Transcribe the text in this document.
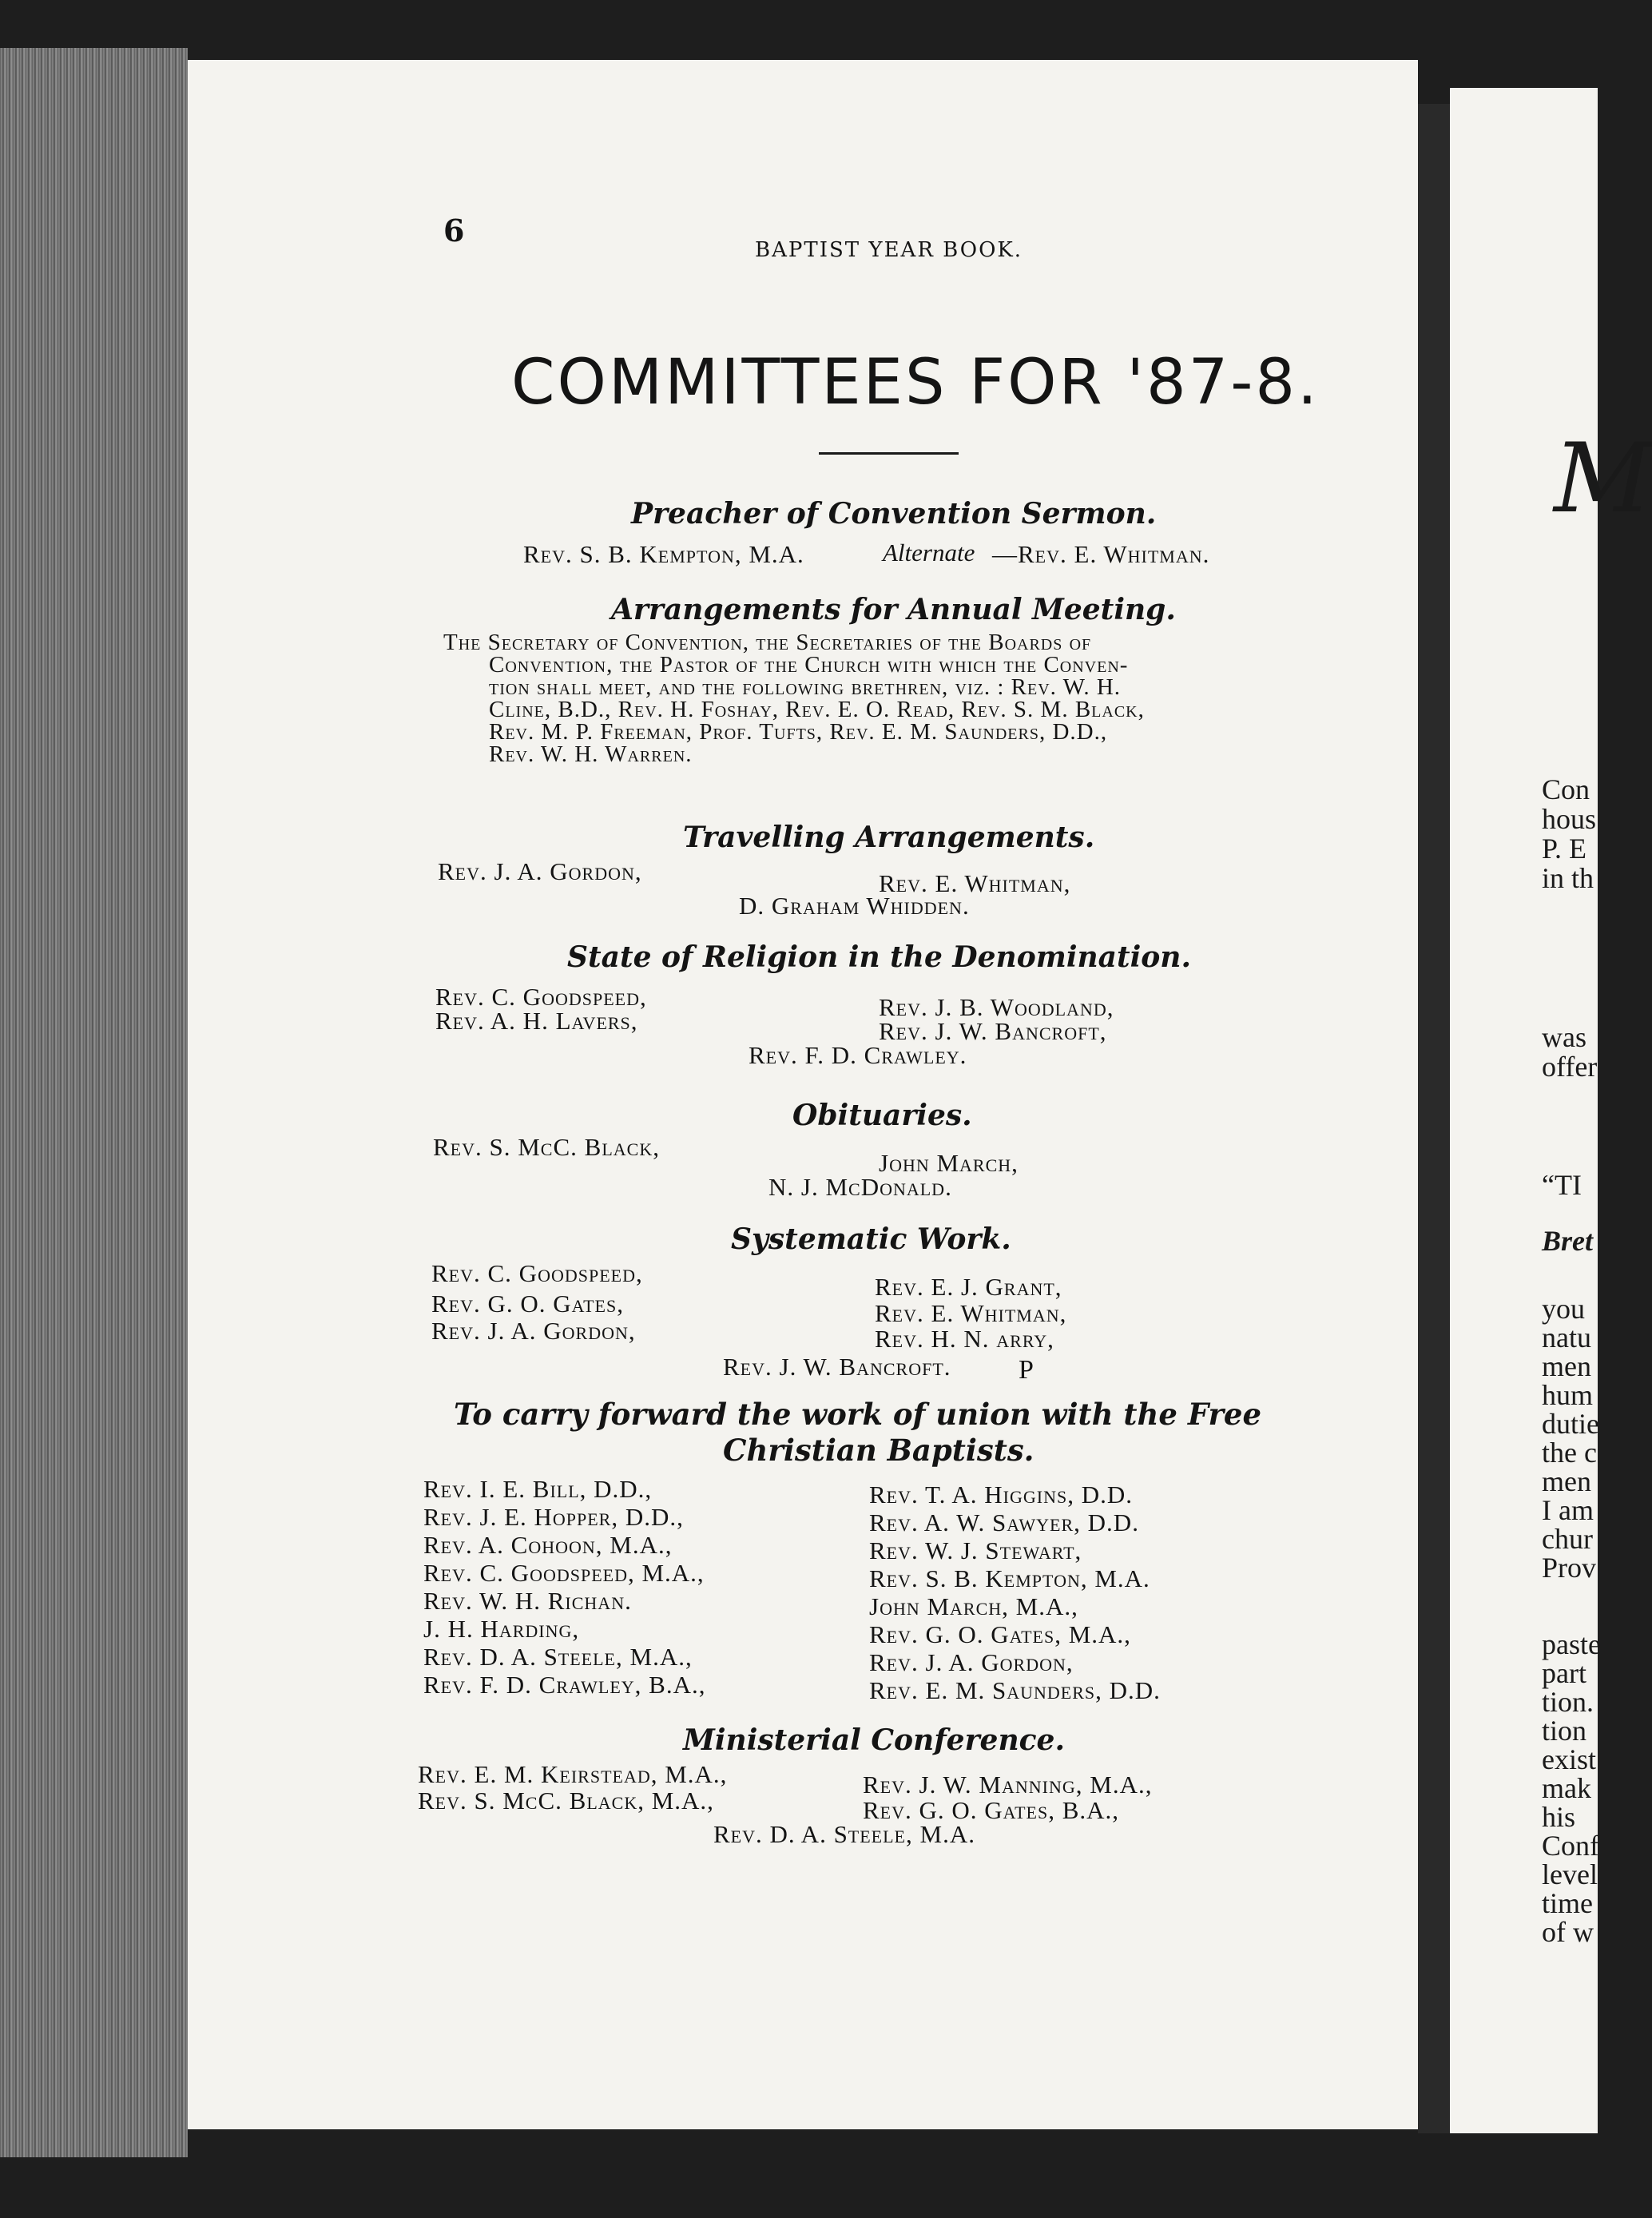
M
Con
hous
P. E
in th
was
offer
“TI
Bret
you
natu
men
hum
dutie
the c
men
I am
chur
Prov
paste
part
tion.
tion
exist
mak
his
Conf
level
time
of w
6
BAPTIST YEAR BOOK.
COMMITTEES FOR '87-8.
Preacher of Convention Sermon.
Rev. S. B. Kempton, M.A.	Alternate —Rev. E. Whitman.
Arrangements for Annual Meeting.
The Secretary of Convention, the Secretaries of the Boards of
Convention, the Pastor of the Church with which the Conven-
tion shall meet, and the following brethren, viz. : Rev. W. H.
Cline, B.D., Rev. H. Foshay, Rev. E. O. Read, Rev. S. M. Black,
Rev. M. P. Freeman, Prof. Tufts, Rev. E. M. Saunders, D.D.,
Rev. W. H. Warren.
Travelling Arrangements.
Rev. J. A. Gordon,	Rev. E. Whitman,
D. Graham Whidden.
State of Religion in the Denomination.
Rev. C. Goodspeed,
Rev. A. H. Lavers,	Rev. J. B. Woodland,
Rev. J. W. Bancroft,
Rev. F. D. Crawley.
Obituaries.
Rev. S. McC. Black,
John March,
N. J. McDonald.
Systematic Work.
Rev. C. Goodspeed,
Rev. G. O. Gates,
Rev. J. A. Gordon,
Rev. E. J. Grant,
Rev. E. Whitman,
Rev. H. N. arry,
Rev. J. W. Bancroft. P
To carry forward the work of union with the Free
Christian Baptists.
Rev. I. E. Bill, D.D.,
Rev. J. E. Hopper, D.D.,
Rev. A. Cohoon, M.A.,
Rev. C. Goodspeed, M.A.,
Rev. W. H. Richan.
J. H. Harding,
Rev. D. A. Steele, M.A.,
Rev. F. D. Crawley, B.A.,
Rev. T. A. Higgins, D.D.
Rev. A. W. Sawyer, D.D.
Rev. W. J. Stewart,
Rev. S. B. Kempton, M.A.
John March, M.A.,
Rev. G. O. Gates, M.A.,
Rev. J. A. Gordon,
Rev. E. M. Saunders, D.D.
Ministerial Conference.
Rev. E. M. Keirstead, M.A.,
Rev. S. McC. Black, M.A.,
Rev. J. W. Manning, M.A.,
Rev. G. O. Gates, B.A.,
Rev. D. A. Steele, M.A.
